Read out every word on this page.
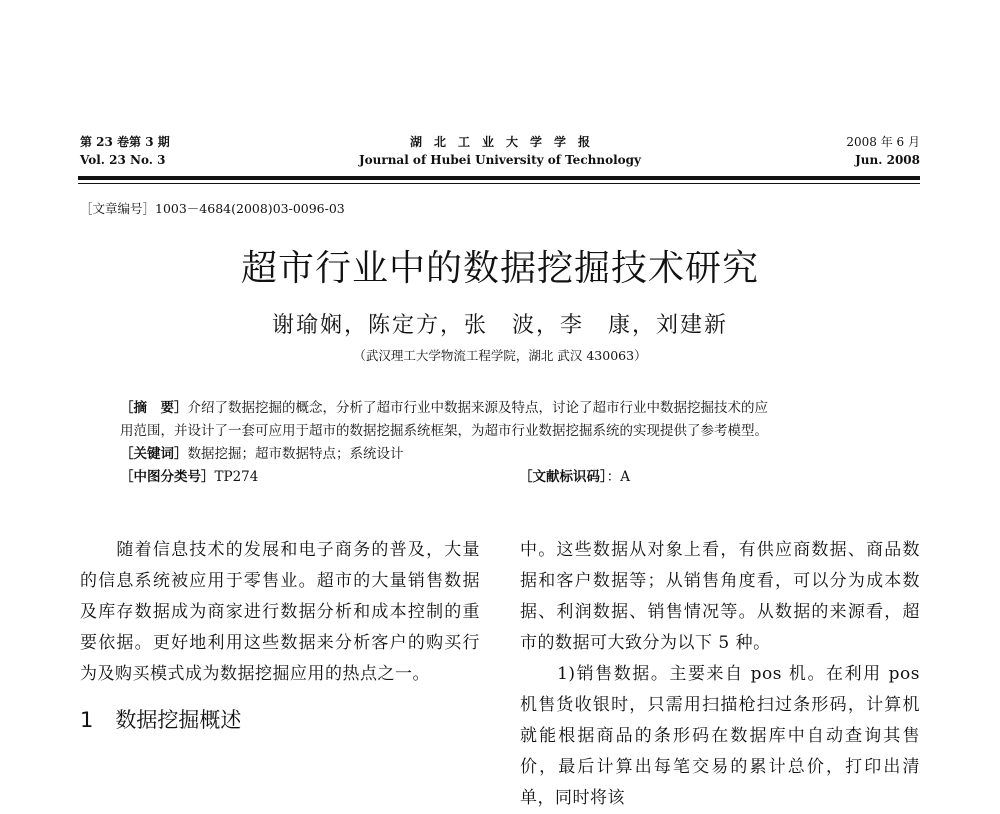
第 23 卷第 3 期
Vol. 23 No. 3
湖　北　工　业　大　学　学　报
Journal of Hubei University of Technology
2008 年 6 月
Jun. 2008
［文章编号］1003－4684(2008)03-0096-03
超市行业中的数据挖掘技术研究
谢瑜娴，陈定方，张　波，李　康，刘建新
（武汉理工大学物流工程学院，湖北 武汉 430063）
［摘　要］介绍了数据挖掘的概念，分析了超市行业中数据来源及特点，讨论了超市行业中数据挖掘技术的应
用范围，并设计了一套可应用于超市的数据挖掘系统框架，为超市行业数据挖掘系统的实现提供了参考模型。
［关键词］数据挖掘；超市数据特点；系统设计
［中图分类号］TP274	［文献标识码］：A
　　随着信息技术的发展和电子商务的普及，大量的信息系统被应用于零售业。超市的大量销售数据及库存数据成为商家进行数据分析和成本控制的重要依据。更好地利用这些数据来分析客户的购买行为及购买模式成为数据挖掘应用的热点之一。
1 数据挖掘概述
中。这些数据从对象上看，有供应商数据、商品数据和客户数据等；从销售角度看，可以分为成本数据、利润数据、销售情况等。从数据的来源看，超市的数据可大致分为以下 5 种。
　　1)销售数据。主要来自 pos 机。在利用 pos 机售货收银时，只需用扫描枪扫过条形码，计算机就能根据商品的条形码在数据库中自动查询其售价，最后计算出每笔交易的累计总价，打印出清单，同时将该
